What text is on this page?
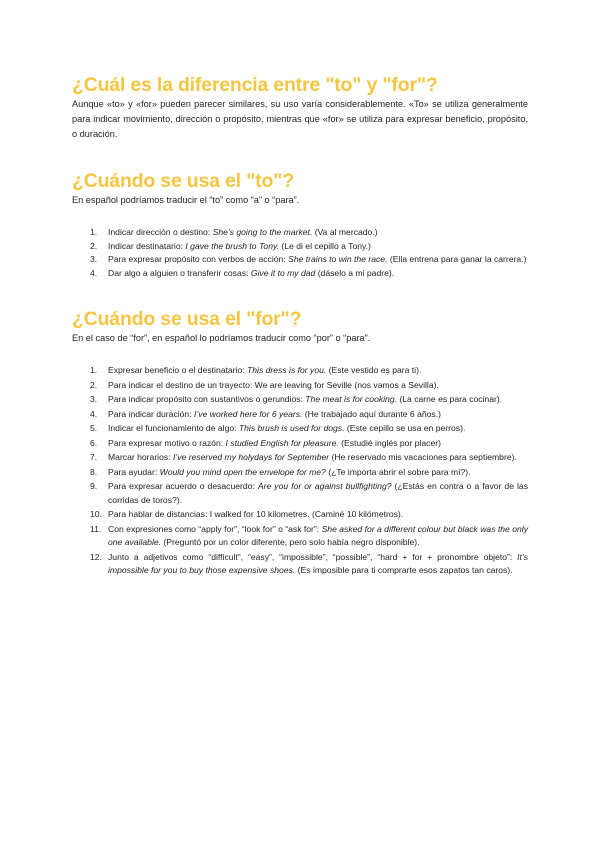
¿Cuál es la diferencia entre "to" y "for"?

Aunque «to» y «for» pueden parecer similares, su uso varía considerablemente. «To» se utiliza generalmente para indicar movimiento, dirección o propósito, mientras que «for» se utiliza para expresar beneficio, propósito, o duración.

¿Cuándo se usa el "to"?

En español podríamos traducir el “to” como “a” o “para”.

1. Indicar dirección o destino: She’s going to the market. (Va al mercado.)
2. Indicar destinatario: I gave the brush to Tony. (Le di el cepillo a Tony.)
3. Para expresar propósito con verbos de acción: She trains to win the race. (Ella entrena para ganar la carrera.)
4. Dar algo a alguien o transferir cosas: Give it to my dad (dáselo a mi padre).
¿Cuándo se usa el "for"?

En el caso de “for”, en español lo podríamos traducir como “por” o “para”.

1. Expresar beneficio o el destinatario: This dress is for you. (Este vestido es para ti).
2. Para indicar el destino de un trayecto: We are leaving for Seville (nos vamos a Sevilla).
3. Para indicar propósito con sustantivos o gerundios: The meat is for cooking. (La carne es para cocinar).
4. Para indicar duración: I’ve worked here for 6 years. (He trabajado aquí durante 6 años.)
5. Indicar el funcionamiento de algo: This brush is used for dogs. (Este cepillo se usa en perros).
6. Para expresar motivo o razón: I studied English for pleasure. (Estudié inglés por placer)
7. Marcar horarios: I’ve reserved my holydays for September (He reservado mis vacaciones para septiembre).
8. Para ayudar: Would you mind open the envelope for me? (¿Te importa abrir el sobre para mí?).
9. Para expresar acuerdo o desacuerdo: Are you for or against bullfighting? (¿Estás en contra o a favor de las corridas de toros?).
10. Para hablar de distancias: I walked for 10 kilometres. (Caminé 10 kilómetros).
11. Con expresiones como “apply for”, “look for” o “ask for”: She asked for a different colour but black was the only one available. (Preguntó por un color diferente, pero solo había negro disponible).
12. Junto a adjetivos como “difficult”, “easy”, “impossible”, “possible”, “hard + for + pronombre objeto”: It’s impossible for you to buy those expensive shoes. (Es imposible para ti comprarte esos zapatos tan caros).
